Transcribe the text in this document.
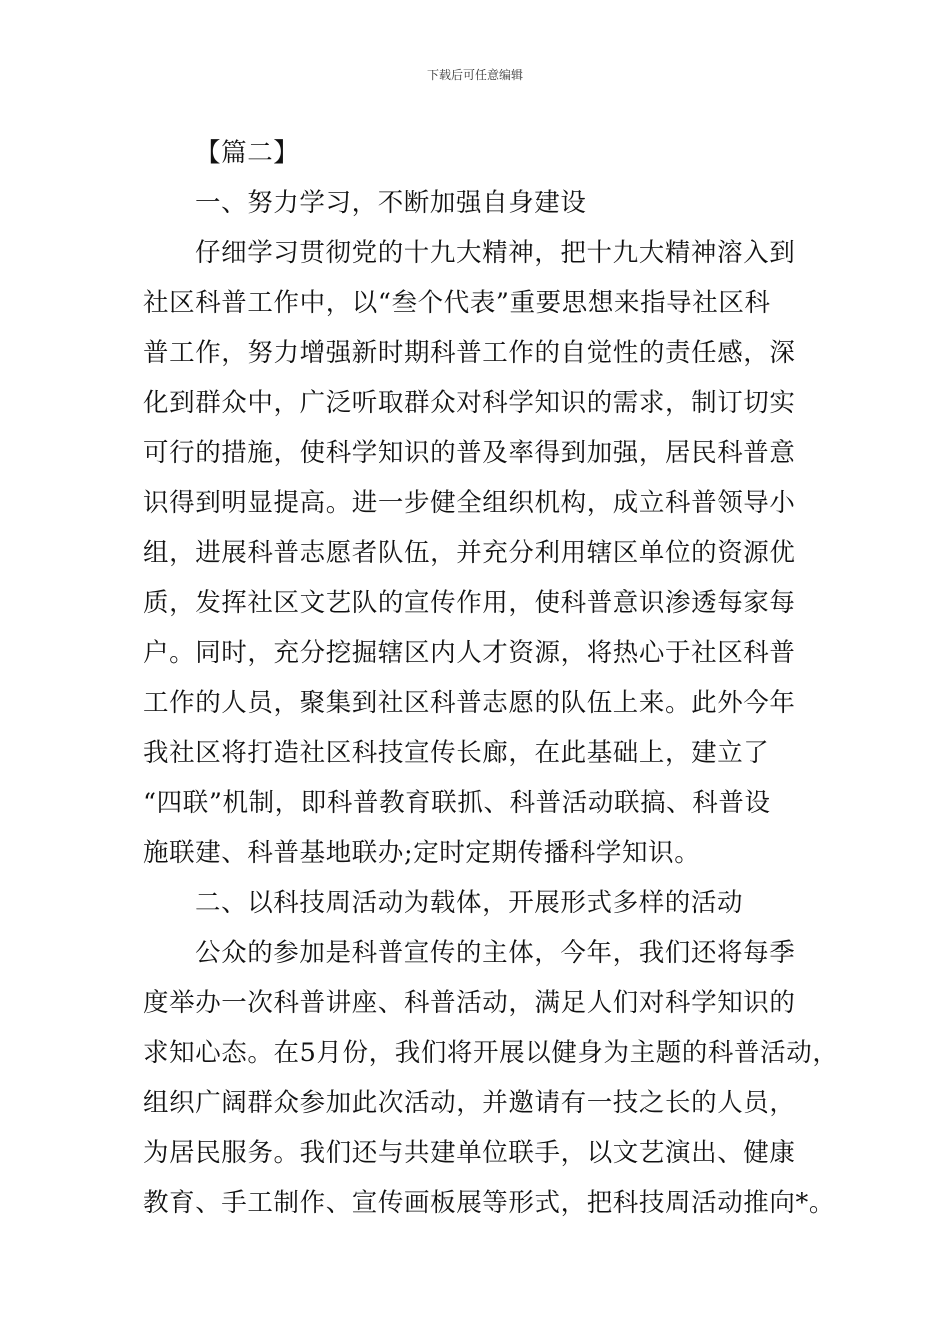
下载后可任意编辑
【篇二】
一、努力学习，不断加强自身建设
仔细学习贯彻党的十九大精神，把十九大精神溶入到
社区科普工作中，以“叁个代表”重要思想来指导社区科
普工作，努力增强新时期科普工作的自觉性的责任感，深
化到群众中，广泛听取群众对科学知识的需求，制订切实
可行的措施，使科学知识的普及率得到加强，居民科普意
识得到明显提高。进一步健全组织机构，成立科普领导小
组，进展科普志愿者队伍，并充分利用辖区单位的资源优
质，发挥社区文艺队的宣传作用，使科普意识渗透每家每
户。同时，充分挖掘辖区内人才资源，将热心于社区科普
工作的人员，聚集到社区科普志愿的队伍上来。此外今年
我社区将打造社区科技宣传长廊，在此基础上，建立了
“四联”机制，即科普教育联抓、科普活动联搞、科普设
施联建、科普基地联办;定时定期传播科学知识。
二、以科技周活动为载体，开展形式多样的活动
公众的参加是科普宣传的主体，今年，我们还将每季
度举办一次科普讲座、科普活动，满足人们对科学知识的
求知心态。在5月份，我们将开展以健身为主题的科普活动，
组织广阔群众参加此次活动，并邀请有一技之长的人员，
为居民服务。我们还与共建单位联手，以文艺演出、健康
教育、手工制作、宣传画板展等形式，把科技周活动推向*。
